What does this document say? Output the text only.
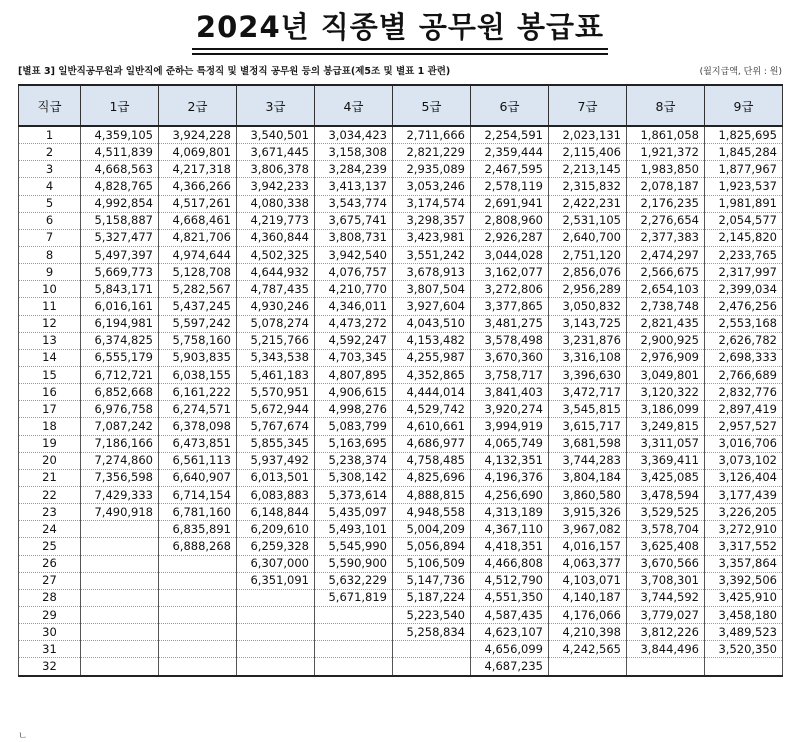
2024년 직종별 공무원 봉급표
[별표 3] 일반직공무원과 일반직에 준하는 특정직 및 별정직 공무원 등의 봉급표(제5조 및 별표 1 관련)	(월지급액, 단위 : 원)
직급	1급	2급	3급	4급	5급	6급	7급	8급	9급
1	4,359,105	3,924,228	3,540,501	3,034,423	2,711,666	2,254,591	2,023,131	1,861,058	1,825,695
2	4,511,839	4,069,801	3,671,445	3,158,308	2,821,229	2,359,444	2,115,406	1,921,372	1,845,284
3	4,668,563	4,217,318	3,806,378	3,284,239	2,935,089	2,467,595	2,213,145	1,983,850	1,877,967
4	4,828,765	4,366,266	3,942,233	3,413,137	3,053,246	2,578,119	2,315,832	2,078,187	1,923,537
5	4,992,854	4,517,261	4,080,338	3,543,774	3,174,574	2,691,941	2,422,231	2,176,235	1,981,891
6	5,158,887	4,668,461	4,219,773	3,675,741	3,298,357	2,808,960	2,531,105	2,276,654	2,054,577
7	5,327,477	4,821,706	4,360,844	3,808,731	3,423,981	2,926,287	2,640,700	2,377,383	2,145,820
8	5,497,397	4,974,644	4,502,325	3,942,540	3,551,242	3,044,028	2,751,120	2,474,297	2,233,765
9	5,669,773	5,128,708	4,644,932	4,076,757	3,678,913	3,162,077	2,856,076	2,566,675	2,317,997
10	5,843,171	5,282,567	4,787,435	4,210,770	3,807,504	3,272,806	2,956,289	2,654,103	2,399,034
11	6,016,161	5,437,245	4,930,246	4,346,011	3,927,604	3,377,865	3,050,832	2,738,748	2,476,256
12	6,194,981	5,597,242	5,078,274	4,473,272	4,043,510	3,481,275	3,143,725	2,821,435	2,553,168
13	6,374,825	5,758,160	5,215,766	4,592,247	4,153,482	3,578,498	3,231,876	2,900,925	2,626,782
14	6,555,179	5,903,835	5,343,538	4,703,345	4,255,987	3,670,360	3,316,108	2,976,909	2,698,333
15	6,712,721	6,038,155	5,461,183	4,807,895	4,352,865	3,758,717	3,396,630	3,049,801	2,766,689
16	6,852,668	6,161,222	5,570,951	4,906,615	4,444,014	3,841,403	3,472,717	3,120,322	2,832,776
17	6,976,758	6,274,571	5,672,944	4,998,276	4,529,742	3,920,274	3,545,815	3,186,099	2,897,419
18	7,087,242	6,378,098	5,767,674	5,083,799	4,610,661	3,994,919	3,615,717	3,249,815	2,957,527
19	7,186,166	6,473,851	5,855,345	5,163,695	4,686,977	4,065,749	3,681,598	3,311,057	3,016,706
20	7,274,860	6,561,113	5,937,492	5,238,374	4,758,485	4,132,351	3,744,283	3,369,411	3,073,102
21	7,356,598	6,640,907	6,013,501	5,308,142	4,825,696	4,196,376	3,804,184	3,425,085	3,126,404
22	7,429,333	6,714,154	6,083,883	5,373,614	4,888,815	4,256,690	3,860,580	3,478,594	3,177,439
23	7,490,918	6,781,160	6,148,844	5,435,097	4,948,558	4,313,189	3,915,326	3,529,525	3,226,205
24		6,835,891	6,209,610	5,493,101	5,004,209	4,367,110	3,967,082	3,578,704	3,272,910
25		6,888,268	6,259,328	5,545,990	5,056,894	4,418,351	4,016,157	3,625,408	3,317,552
26			6,307,000	5,590,900	5,106,509	4,466,808	4,063,377	3,670,566	3,357,864
27			6,351,091	5,632,229	5,147,736	4,512,790	4,103,071	3,708,301	3,392,506
28				5,671,819	5,187,224	4,551,350	4,140,187	3,744,592	3,425,910
29					5,223,540	4,587,435	4,176,066	3,779,027	3,458,180
30					5,258,834	4,623,107	4,210,398	3,812,226	3,489,523
31						4,656,099	4,242,565	3,844,496	3,520,350
32						4,687,235			
ㄴ
